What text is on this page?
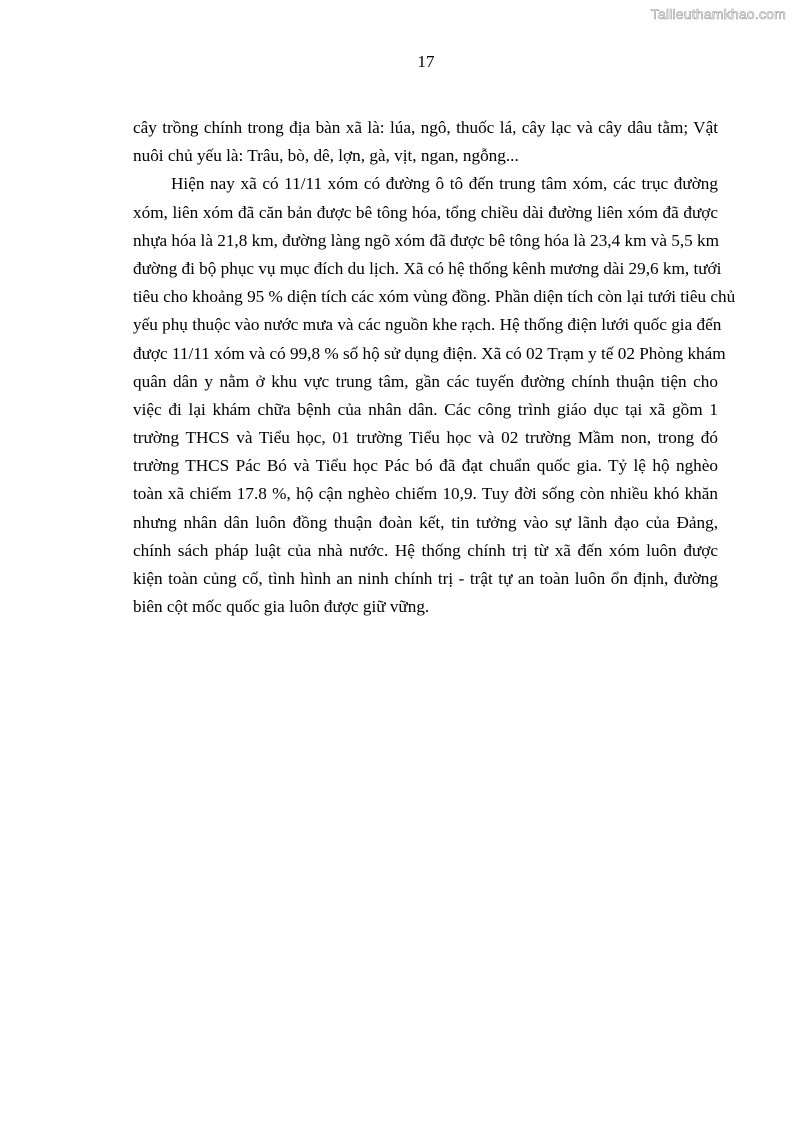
Tailieuthamkhao.com
17
cây trồng chính trong địa bàn xã là: lúa, ngô, thuốc lá, cây lạc và cây dâu tằm; Vật
nuôi chủ yếu là: Trâu, bò, dê, lợn, gà, vịt, ngan, ngỗng...
Hiện nay xã có 11/11 xóm có đường ô tô đến trung tâm xóm, các trục đường
xóm, liên xóm đã căn bản được bê tông hóa, tổng chiều dài đường liên xóm đã được
nhựa hóa là 21,8 km, đường làng ngõ xóm đã được bê tông hóa là 23,4 km và 5,5 km
đường đi bộ phục vụ mục đích du lịch. Xã có hệ thống kênh mương dài 29,6 km, tưới
tiêu cho khoảng 95 % diện tích các xóm vùng đồng. Phần diện tích còn lại tưới tiêu chủ
yếu phụ thuộc vào nước mưa và các nguồn khe rạch. Hệ thống điện lưới quốc gia đến
được 11/11 xóm và có 99,8 % số hộ sử dụng điện. Xã có 02 Trạm y tế 02 Phòng khám
quân dân y nằm ở khu vực trung tâm, gần các tuyến đường chính thuận tiện cho
việc đi lại khám chữa bệnh của nhân dân. Các công trình giáo dục tại xã gồm 1
trường THCS và Tiểu học, 01 trường Tiểu học và 02 trường Mầm non, trong đó
trường THCS Pác Bó và Tiểu học Pác bó đã đạt chuẩn quốc gia. Tỷ lệ hộ nghèo
toàn xã chiếm 17.8 %, hộ cận nghèo chiếm 10,9. Tuy đời sống còn nhiều khó khăn
nhưng nhân dân luôn đồng thuận đoàn kết, tin tưởng vào sự lãnh đạo của Đảng,
chính sách pháp luật của nhà nước. Hệ thống chính trị từ xã đến xóm luôn được
kiện toàn củng cố, tình hình an ninh chính trị - trật tự an toàn luôn ổn định, đường
biên cột mốc quốc gia luôn được giữ vững.
